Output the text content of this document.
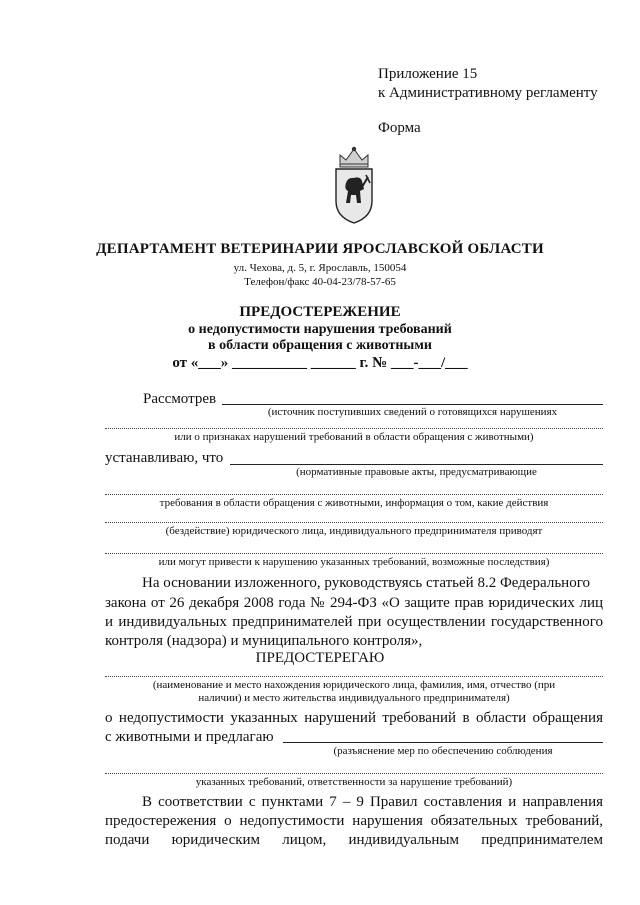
Приложение 15
к Административному регламенту
Форма
ДЕПАРТАМЕНТ ВЕТЕРИНАРИИ ЯРОСЛАВСКОЙ ОБЛАСТИ
ул. Чехова, д. 5, г. Ярославль, 150054
Телефон/факс 40-04-23/78-57-65
ПРЕДОСТЕРЕЖЕНИЕ
о недопустимости нарушения требований
в области обращения с животными
от «___» __________ ______ г. № ___-___/___
Рассмотрев
(источник поступивших сведений о готовящихся нарушениях
или о признаках нарушений требований в области обращения с животными)
устанавливаю, что
(нормативные правовые акты, предусматривающие
требования в области обращения с животными, информация о том, какие действия
(бездействие) юридического лица, индивидуального предпринимателя приводят
или могут привести к нарушению указанных требований, возможные последствия)
На основании изложенного, руководствуясь статьей 8.2 Федерального
закона от 26 декабря 2008 года № 294-ФЗ «О защите прав юридических лиц
и индивидуальных предпринимателей при осуществлении государственного
контроля (надзора) и муниципального контроля»,
ПРЕДОСТЕРЕГАЮ
(наименование и место нахождения юридического лица, фамилия, имя, отчество (при
наличии) и место жительства индивидуального предпринимателя)
о недопустимости указанных нарушений требований в области обращения
с животными и предлагаю
(разъяснение мер по обеспечению соблюдения
указанных требований, ответственности за нарушение требований)
В соответствии с пунктами 7 – 9 Правил составления и направления
предостережения о недопустимости нарушения обязательных требований,
подачи юридическим лицом, индивидуальным предпринимателем
